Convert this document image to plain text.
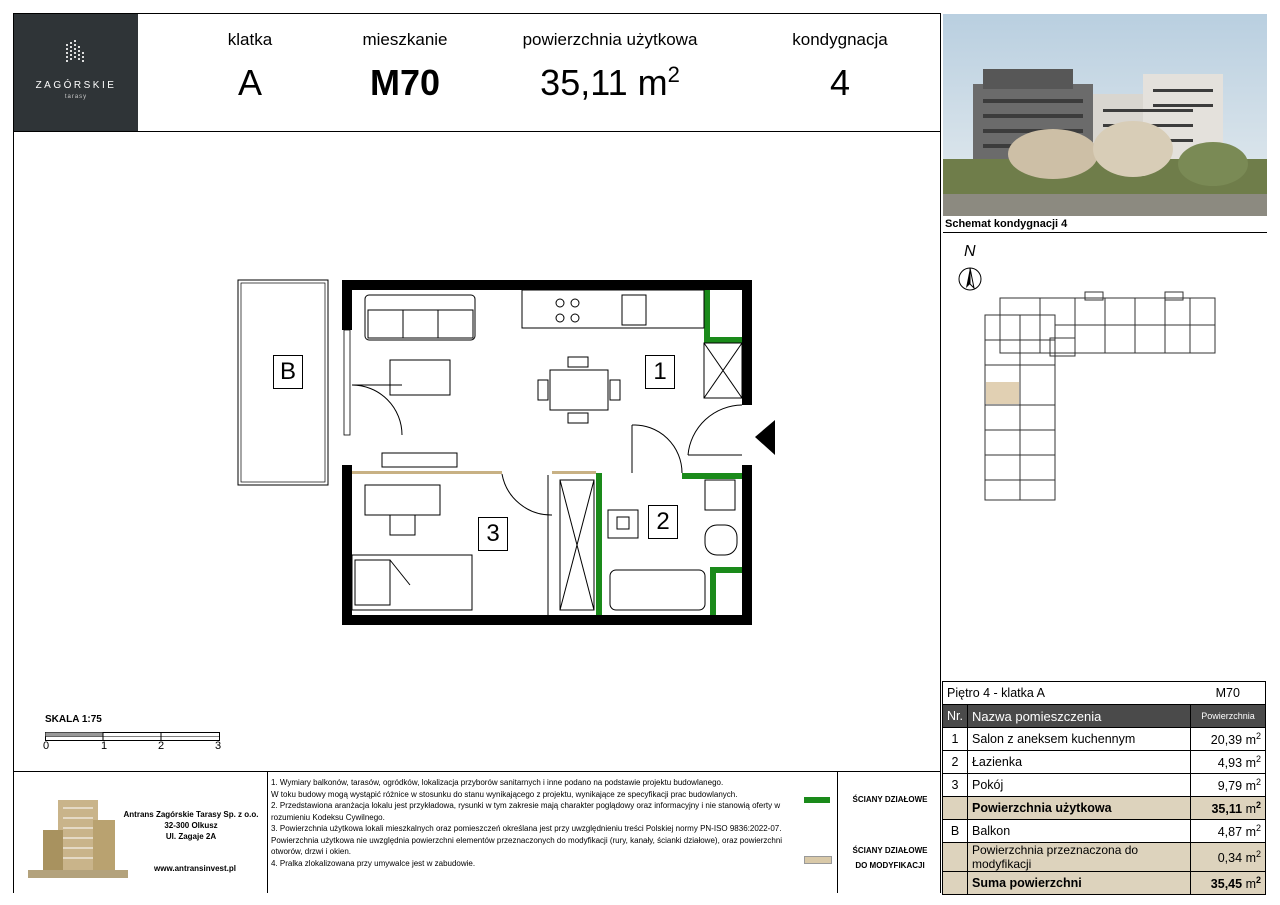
ZAGÓRSKIE
tarasy
klatka
A
mieszkanie
M70
powierzchnia użytkowa
35,11 $m^2$
kondygnacja
4
Schemat kondygnacji 4
N
1
2
3
B
SKALA 1:75
0	1	2	3
Piętro 4 - klatka A		M70
Nr.	Nazwa pomieszczenia	Powierzchnia
1	Salon z aneksem kuchennym	20,39 $m^2$
2	Łazienka	4,93 $m^2$
3	Pokój	9,79 $m^2$
	Powierzchnia użytkowa	35,11 $m^2$
B	Balkon	4,87 $m^2$
	Powierzchnia przeznaczona do modyfikacji	0,34 $m^2$
	Suma powierzchni	35,45 $m^2$
Antrans Zagórskie Tarasy Sp. z o.o.
32-300 Olkusz
Ul. Zagaje 2A
www.antransinvest.pl
1. Wymiary balkonów, tarasów, ogródków, lokalizacja przyborów sanitarnych i inne podano na podstawie projektu budowlanego.
W toku budowy mogą wystąpić różnice w stosunku do stanu wynikającego z projektu, wynikające ze specyfikacji prac budowlanych.
2. Przedstawiona aranżacja lokalu jest przykładowa, rysunki w tym zakresie mają charakter poglądowy oraz informacyjny i nie stanowią oferty w
rozumieniu Kodeksu Cywilnego.
3. Powierzchnia użytkowa lokali mieszkalnych oraz pomieszczeń określana jest przy uwzględnieniu treści Polskiej normy PN-ISO 9836:2022-07.
Powierzchnia użytkowa nie uwzględnia powierzchni elementów przeznaczonych do modyfikacji (rury, kanały, ścianki działowe), oraz powierzchni
otworów, drzwi i okien.
4. Pralka zlokalizowana przy umywalce jest w zabudowie.
ŚCIANY DZIAŁOWE
ŚCIANY DZIAŁOWE
DO MODYFIKACJI
